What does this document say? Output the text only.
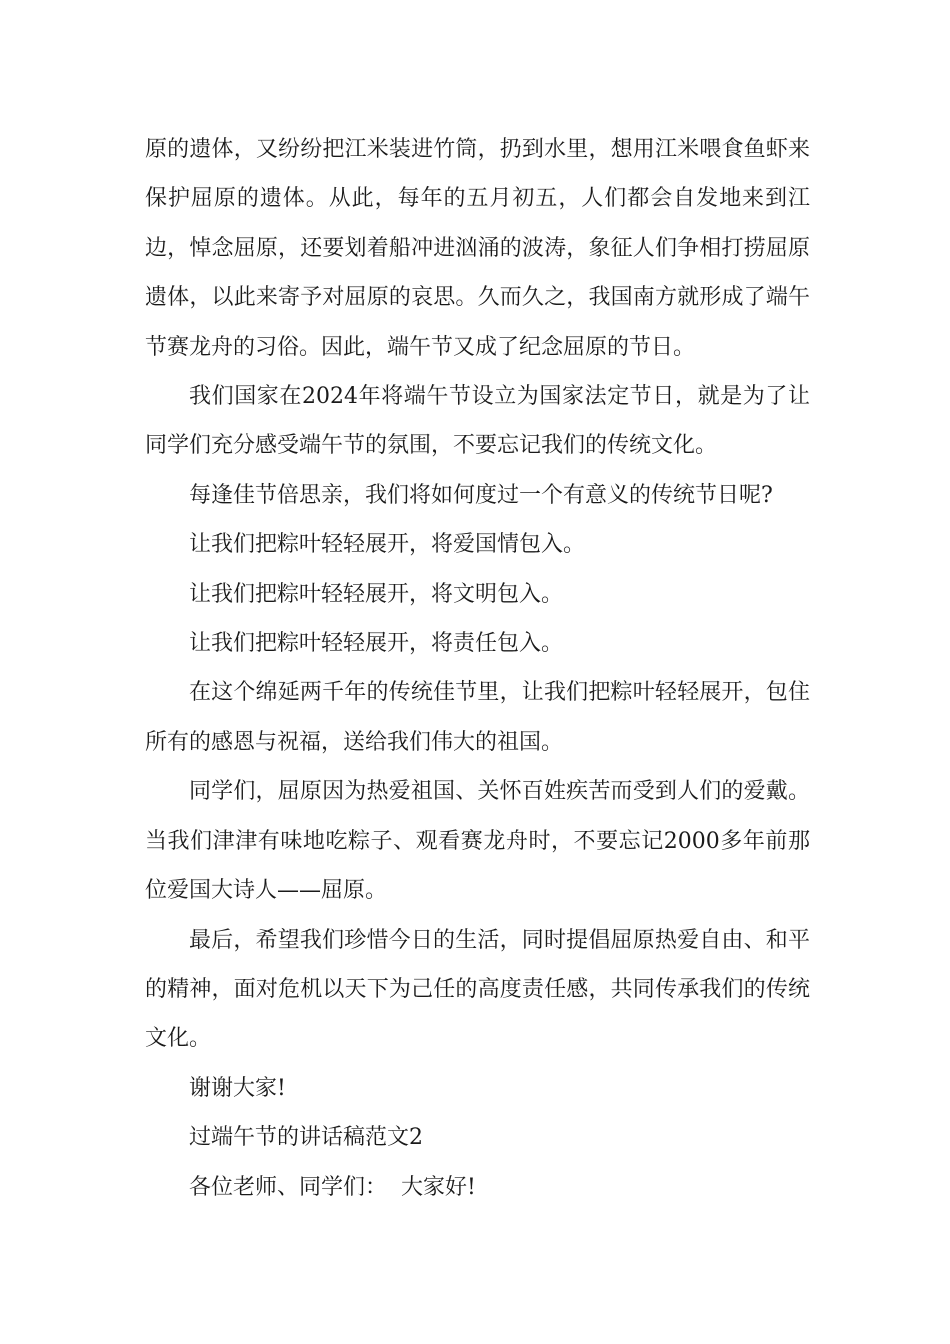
原的遗体，又纷纷把江米装进竹筒，扔到水里，想用江米喂食鱼虾来保护屈原的遗体。从此，每年的五月初五，人们都会自发地来到江边，悼念屈原，还要划着船冲进汹涌的波涛，象征人们争相打捞屈原遗体，以此来寄予对屈原的哀思。久而久之，我国南方就形成了端午节赛龙舟的习俗。因此，端午节又成了纪念屈原的节日。

我们国家在2024年将端午节设立为国家法定节日，就是为了让同学们充分感受端午节的氛围，不要忘记我们的传统文化。

每逢佳节倍思亲，我们将如何度过一个有意义的传统节日呢?

让我们把粽叶轻轻展开，将爱国情包入。

让我们把粽叶轻轻展开，将文明包入。

让我们把粽叶轻轻展开，将责任包入。

在这个绵延两千年的传统佳节里，让我们把粽叶轻轻展开，包住所有的感恩与祝福，送给我们伟大的祖国。

同学们，屈原因为热爱祖国、关怀百姓疾苦而受到人们的爱戴。当我们津津有味地吃粽子、观看赛龙舟时，不要忘记2000多年前那位爱国大诗人——屈原。

最后，希望我们珍惜今日的生活，同时提倡屈原热爱自由、和平的精神，面对危机以天下为己任的高度责任感，共同传承我们的传统文化。

谢谢大家!

过端午节的讲话稿范文2

各位老师、同学们：  大家好!
